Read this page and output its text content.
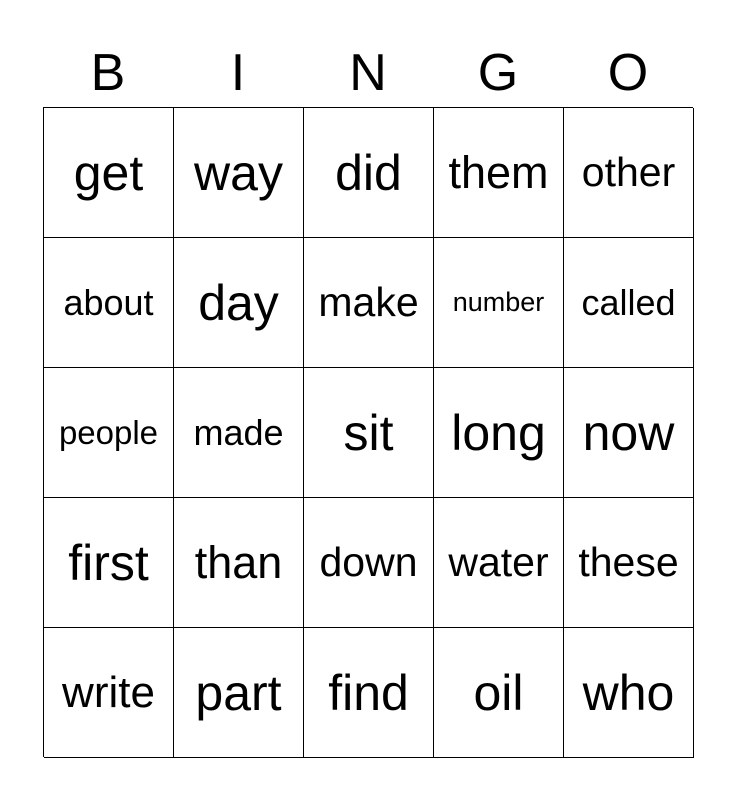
B	I	N	G	O
get way did them other
about day make number called
people made sit long now
first than down water these
write part find oil who
